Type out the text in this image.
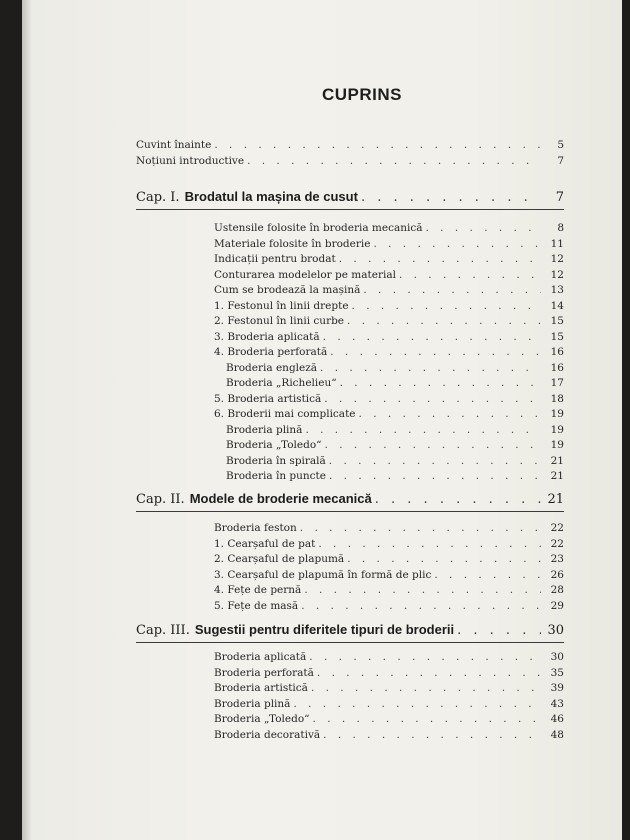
CUPRINS
Cuvint înainte . . .	5
Noțiuni introductive . . .	7
Cap. I. Brodatul la mașina de cusut . . .	7
Ustensile folosite în broderia mecanică . . .	8
Materiale folosite în broderie . . .	11
Indicații pentru brodat . . .	12
Conturarea modelelor pe material . . .	12
Cum se brodează la mașină . . .	13
1. Festonul în linii drepte . . .	14
2. Festonul în linii curbe . . .	15
3. Broderia aplicată . . .	15
4. Broderia perforată . . .	16
Broderia engleză . . .	16
Broderia „Richelieu“ . . .	17
5. Broderia artistică . . .	18
6. Broderii mai complicate . . .	19
Broderia plină . . .	19
Broderia „Toledo“ . . .	19
Broderia în spirală . . .	21
Broderia în puncte . . .	21
Cap. II. Modele de broderie mecanică . . .	21
Broderia feston . . .	22
1. Cearșaful de pat . . .	22
2. Cearșaful de plapumă . . .	23
3. Cearșaful de plapumă în formă de plic . . .	26
4. Fețe de pernă . . .	28
5. Fețe de masă . . .	29
Cap. III. Sugestii pentru diferitele tipuri de broderii . . .	30
Broderia aplicată . . .	30
Broderia perforată . . .	35
Broderia artistică . . .	39
Broderia plină . . .	43
Broderia „Toledo“ . . .	46
Broderia decorativă . . .	48
